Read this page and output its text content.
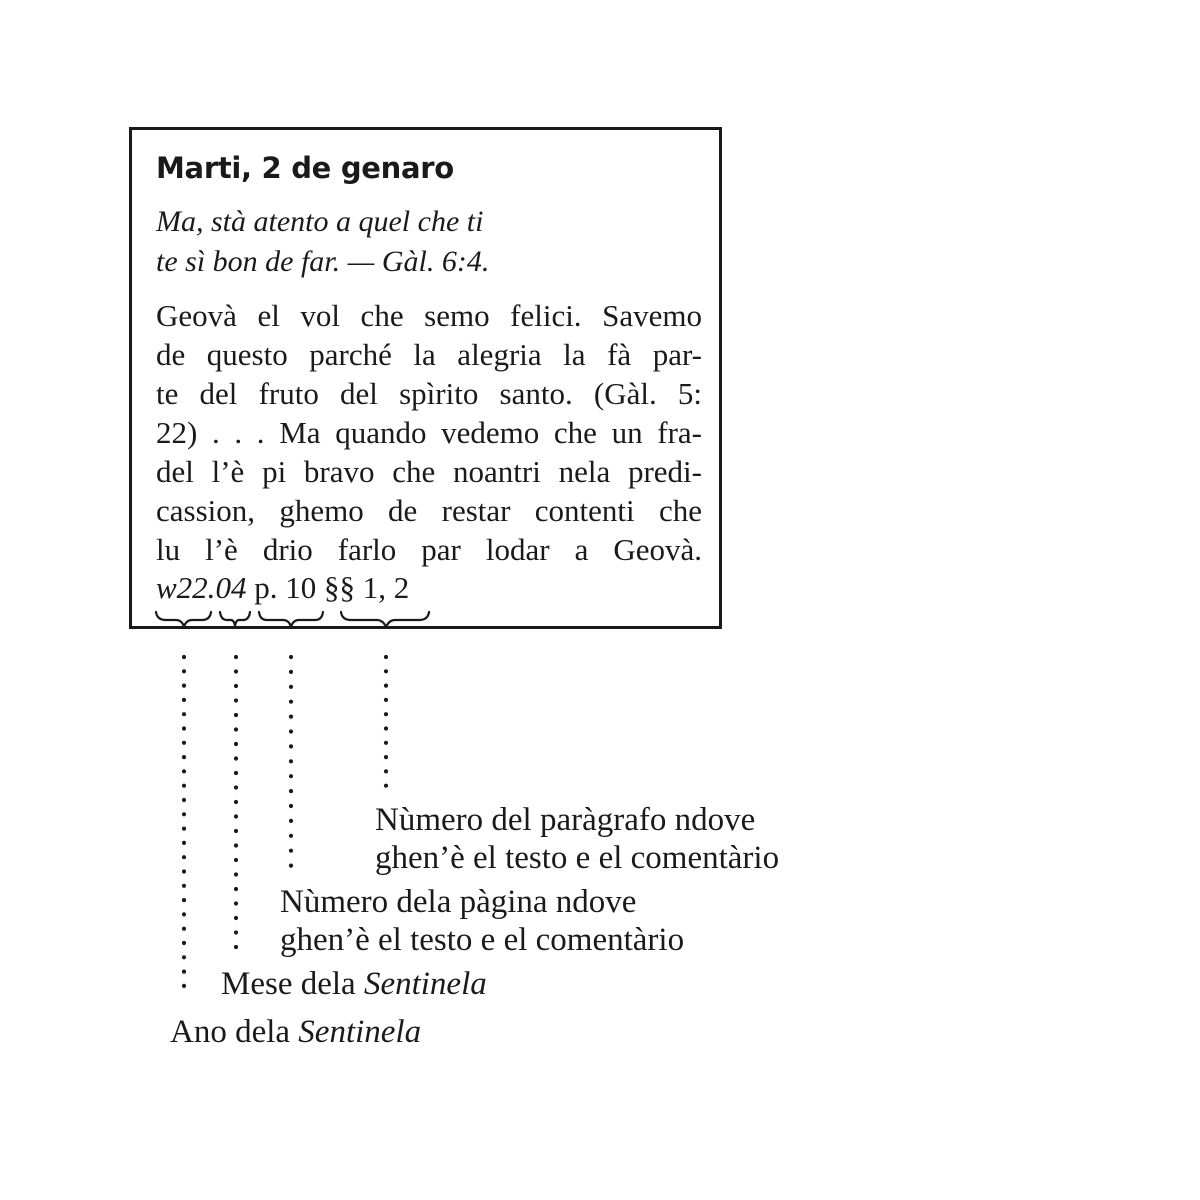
Marti, 2 de genaro
Ma, stà atento a quel che ti
te sì bon de far. — Gàl. 6:4.
Geovà el vol che semo felici. Savemo
de questo parché la alegria la fà par-
te del fruto del spìrito santo. (Gàl. 5:
22) . . . Ma quando vedemo che un fra-
del l’è pi bravo che noantri nela predi-
cassion, ghemo de restar contenti che
lu l’è drio farlo par lodar a Geovà.
w22.04 p. 10 §§ 1, 2
Nùmero del paràgrafo ndove
ghen’è el testo e el comentàrio
Nùmero dela pàgina ndove
ghen’è el testo e el comentàrio
Mese dela Sentinela
Ano dela Sentinela
